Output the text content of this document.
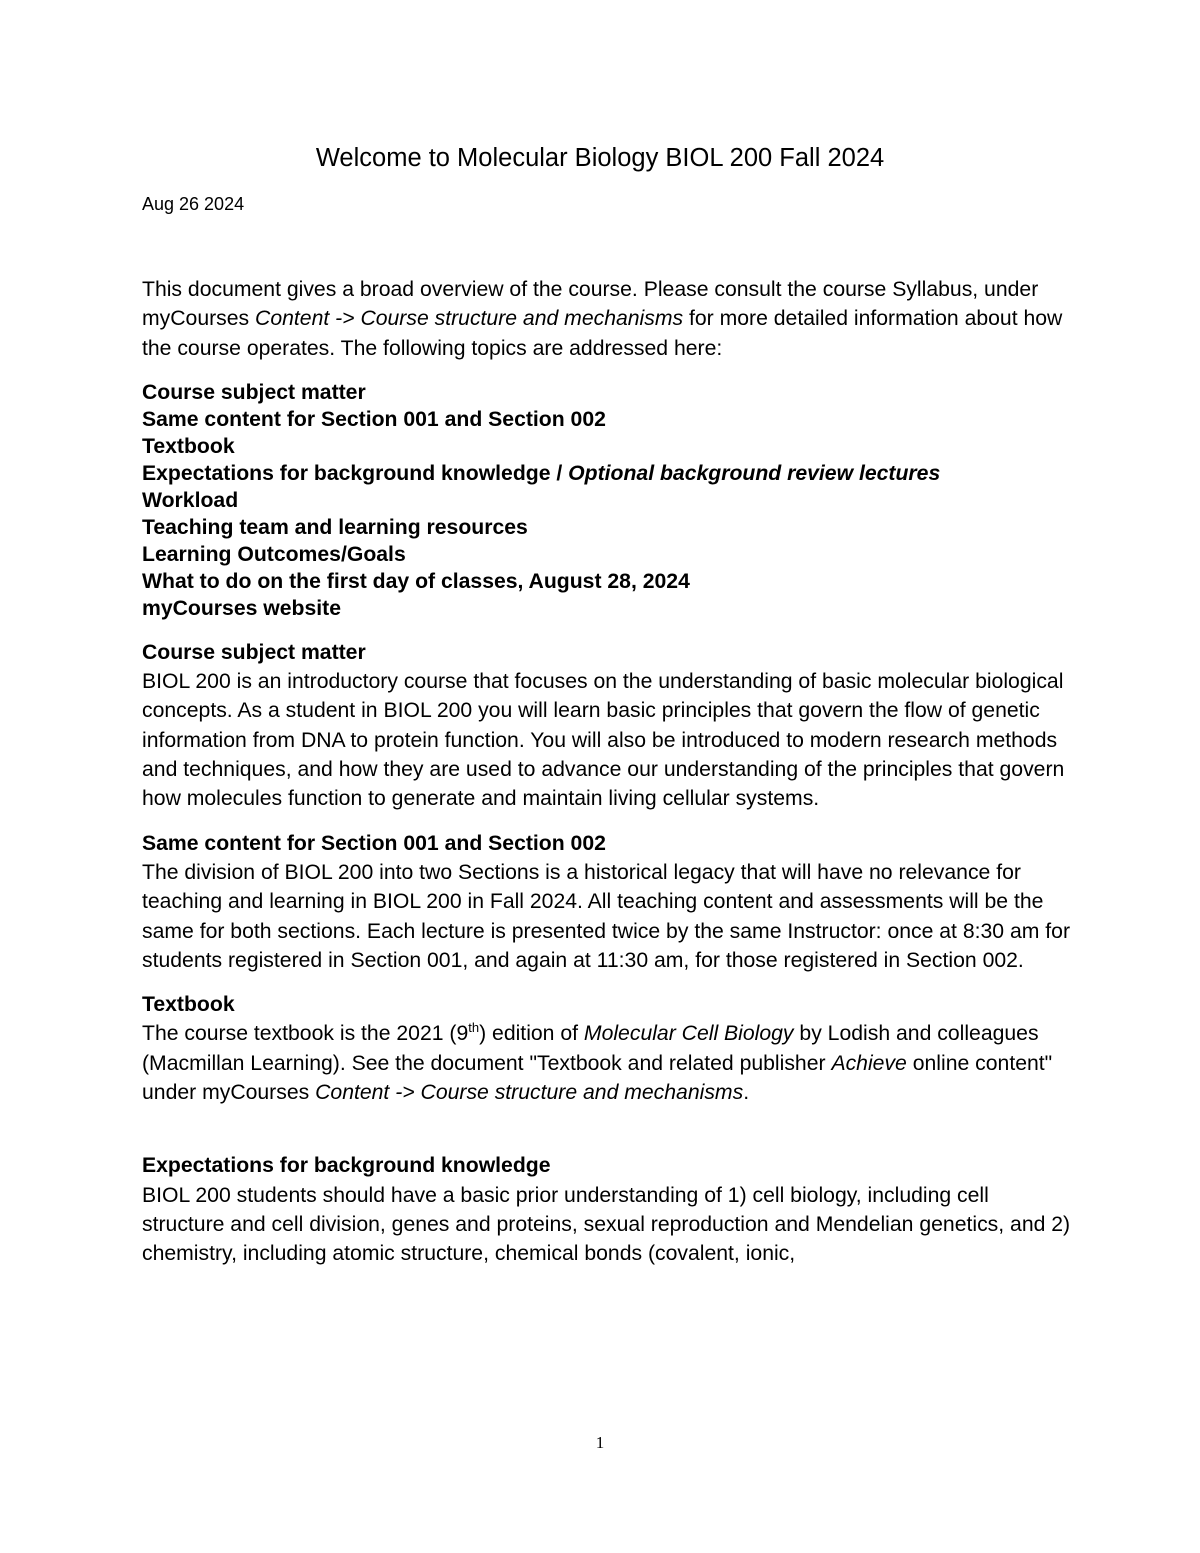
Welcome to Molecular Biology BIOL 200 Fall 2024
Aug 26 2024

This document gives a broad overview of the course. Please consult the course Syllabus, under myCourses Content -> Course structure and mechanisms for more detailed information about how the course operates. The following topics are addressed here:

Course subject matter
Same content for Section 001 and Section 002
Textbook
Expectations for background knowledge / Optional background review lectures
Workload
Teaching team and learning resources
Learning Outcomes/Goals
What to do on the first day of classes, August 28, 2024
myCourses website

Course subject matter

BIOL 200 is an introductory course that focuses on the understanding of basic molecular biological concepts. As a student in BIOL 200 you will learn basic principles that govern the flow of genetic information from DNA to protein function. You will also be introduced to modern research methods and techniques, and how they are used to advance our understanding of the principles that govern how molecules function to generate and maintain living cellular systems.

Same content for Section 001 and Section 002

The division of BIOL 200 into two Sections is a historical legacy that will have no relevance for teaching and learning in BIOL 200 in Fall 2024. All teaching content and assessments will be the same for both sections. Each lecture is presented twice by the same Instructor: once at 8:30 am for students registered in Section 001, and again at 11:30 am, for those registered in Section 002.

Textbook

The course textbook is the 2021 (9th) edition of Molecular Cell Biology by Lodish and colleagues (Macmillan Learning). See the document "Textbook and related publisher Achieve online content" under myCourses Content -> Course structure and mechanisms.

Expectations for background knowledge

BIOL 200 students should have a basic prior understanding of 1) cell biology, including cell structure and cell division, genes and proteins, sexual reproduction and Mendelian genetics, and 2) chemistry, including atomic structure, chemical bonds (covalent, ionic,

1
